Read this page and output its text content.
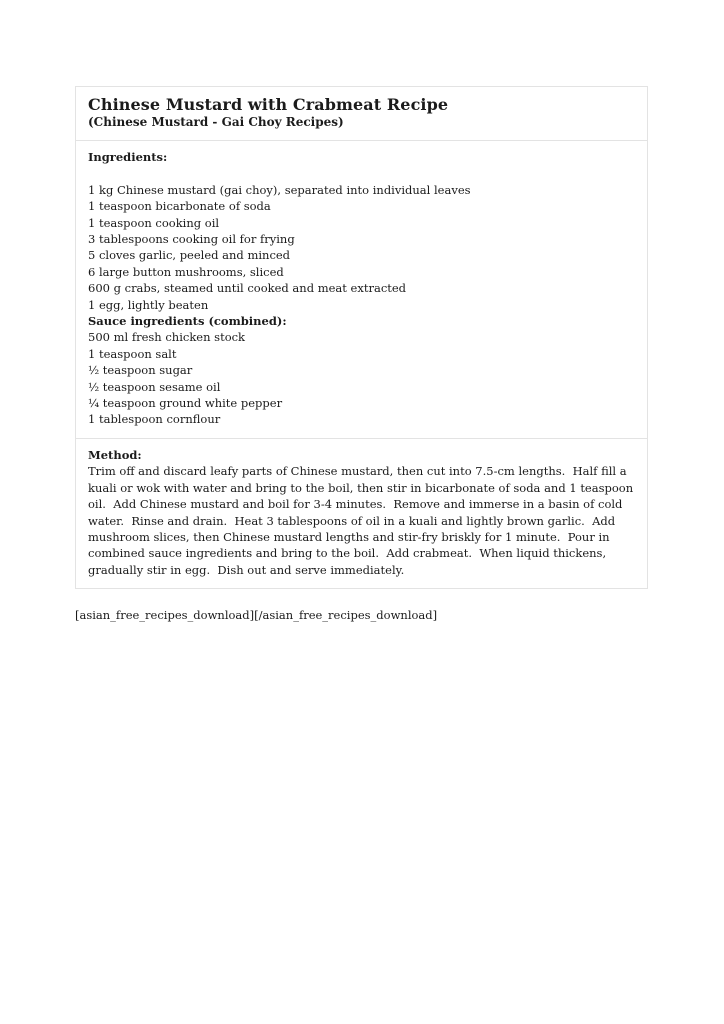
Chinese Mustard with Crabmeat Recipe
(Chinese Mustard - Gai Choy Recipes)
Ingredients:
1 kg Chinese mustard (gai choy), separated into individual leaves
1 teaspoon bicarbonate of soda
1 teaspoon cooking oil
3 tablespoons cooking oil for frying
5 cloves garlic, peeled and minced
6 large button mushrooms, sliced
600 g crabs, steamed until cooked and meat extracted
1 egg, lightly beaten
Sauce ingredients (combined):
500 ml fresh chicken stock
1 teaspoon salt
½ teaspoon sugar
½ teaspoon sesame oil
¼ teaspoon ground white pepper
1 tablespoon cornflour
Method:
Trim off and discard leafy parts of Chinese mustard, then cut into 7.5-cm lengths.  Half fill a kuali or wok with water and bring to the boil, then stir in bicarbonate of soda and 1 teaspoon oil.  Add Chinese mustard and boil for 3-4 minutes.  Remove and immerse in a basin of cold water.  Rinse and drain.  Heat 3 tablespoons of oil in a kuali and lightly brown garlic.  Add mushroom slices, then Chinese mustard lengths and stir-fry briskly for 1 minute.  Pour in combined sauce ingredients and bring to the boil.  Add crabmeat.  When liquid thickens, gradually stir in egg.  Dish out and serve immediately.
[asian_free_recipes_download][/asian_free_recipes_download]
